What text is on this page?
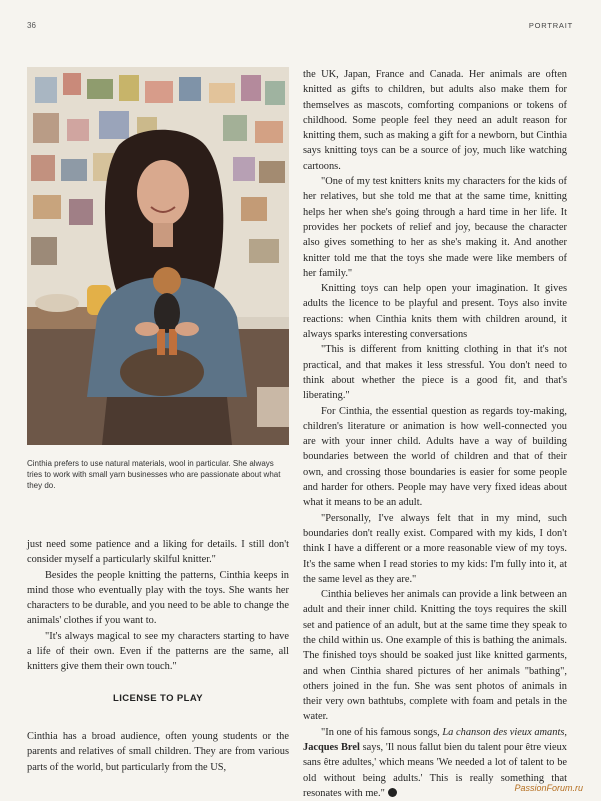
36	PORTRAIT
Cinthia prefers to use natural materials, wool in particular. She always tries to work with small yarn businesses who are passionate about what they do.

just need some patience and a liking for details. I still don't consider myself a particularly skilful knitter."

Besides the people knitting the patterns, Cinthia keeps in mind those who eventually play with the toys. She wants her characters to be durable, and you need to be able to change the animals' clothes if you want to.

"It's always magical to see my characters starting to have a life of their own. Even if the patterns are the same, all knitters give them their own touch."

LICENSE TO PLAY

Cinthia has a broad audience, often young students or the parents and relatives of small children. They are from various parts of the world, but particularly from the US,

the UK, Japan, France and Canada. Her animals are often knitted as gifts to children, but adults also make them for themselves as mascots, comforting companions or tokens of childhood. Some people feel they need an adult reason for knitting them, such as making a gift for a newborn, but Cinthia says knitting toys can be a source of joy, much like watching cartoons.

"One of my test knitters knits my characters for the kids of her relatives, but she told me that at the same time, knitting helps her when she's going through a hard time in her life. It provides her pockets of relief and joy, because the character also gives something to her as she's making it. And another knitter told me that the toys she made were like members of her family."

Knitting toys can help open your imagination. It gives adults the licence to be playful and present. Toys also invite reactions: when Cinthia knits them with children around, it always sparks interesting conversations

"This is different from knitting clothing in that it's not practical, and that makes it less stressful. You don't need to think about whether the piece is a good fit, and that's liberating."

For Cinthia, the essential question as regards toy-making, children's literature or animation is how well-connected you are with your inner child. Adults have a way of building boundaries between the world of children and that of their own, and crossing those boundaries is easier for some people and harder for others. People may have very fixed ideas about what it means to be an adult.

"Personally, I've always felt that in my mind, such boundaries don't really exist. Compared with my kids, I don't think I have a different or a more reasonable view of my toys. It's the same when I read stories to my kids: I'm fully into it, at the same level as they are."

Cinthia believes her animals can provide a link between an adult and their inner child. Knitting the toys requires the skill set and patience of an adult, but at the same time they speak to the child within us. One example of this is bathing the animals. The finished toys should be soaked just like knitted garments, and when Cinthia shared pictures of her animals "bathing", others joined in the fun. She was sent photos of animals in their very own bathtubs, complete with foam and petals in the water.

"In one of his famous songs, La chanson des vieux amants, Jacques Brel says, 'Il nous fallut bien du talent pour être vieux sans être adultes,' which means 'We needed a lot of talent to be old without being adults.' This is really something that resonates with me."	PassionForum.ru
